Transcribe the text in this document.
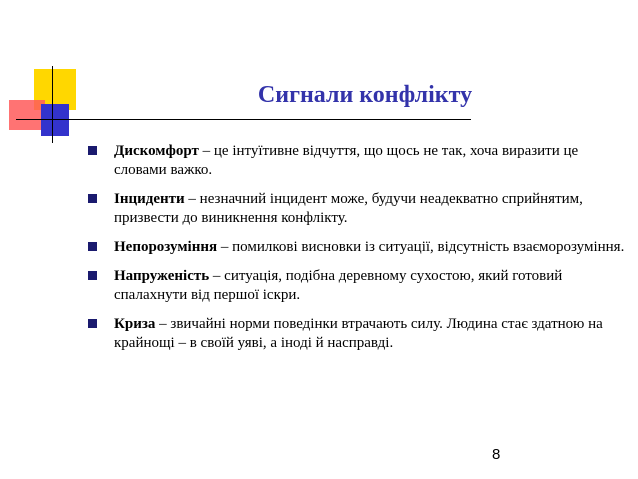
Сигнали конфлікту
Дискомфорт – це інтуїтивне відчуття, що щось не так, хоча виразити це словами важко.
Інциденти – незначний інцидент може, будучи неадекватно сприйнятим, призвести до виникнення конфлікту.
Непорозуміння – помилкові висновки із ситуації, відсутність взаєморозуміння.
Напруженість – ситуація, подібна деревному сухостою, який готовий спалахнути від першої іскри.
Криза – звичайні норми поведінки втрачають силу. Людина стає здатною на крайнощі – в своїй уяві, а іноді й насправді.
8
